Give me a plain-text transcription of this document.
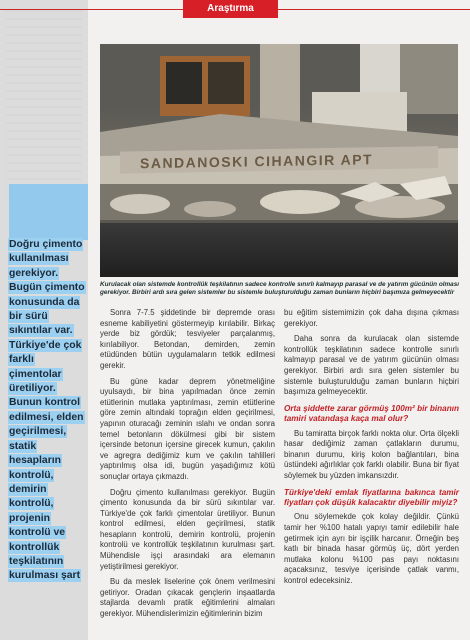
Araştırma
SANDANOSKI CIHANGIR APT
Kurulacak olan sistemde kontrollük teşkilatının sadece kontrolle sınırlı kalmayıp parasal ve de yatırım gücünün olması gerekiyor. Birbiri ardı sıra gelen sistemler bu sistemle buluşturulduğu zaman bunların hiçbiri başımıza gelmeyecektir
Doğru çimento kullanılması gerekiyor. Bugün çimento konusunda da bir sürü sıkıntılar var. Türkiye'de çok farklı çimentolar üretiliyor. Bunun kontrol edilmesi, elden geçirilmesi, statik hesapların kontrolü, demirin kontrolü, projenin kontrolü ve kontrollük teşkilatının kurulması şart

Sonra 7-7.5 şiddetinde bir depremde orası esneme kabiliyetini göstermeyip kırılabilir. Birkaç yerde biz gördük; tesviyeler parçalanmış, kırılabiliyor. Betondan, demirden, zemin etüdünden bütün uygulamaların tetkik edilmesi gerekir.

Bu güne kadar deprem yönetmeliğine uyulsaydı, bir bina yapılmadan önce zemin etütlerinin mutlaka yaptırılması, zemin etütlerine göre zemin altındaki toprağın elden geçirilmesi, yapının oturacağı zeminin ıslahı ve ondan sonra temel betonların dökülmesi gibi bir sistem içersinde betonun içersine girecek kumun, çakılın ve agregra dediğimiz kum ve çakılın tahlilleri yaptırılmış olsa idi, bugün yaşadığımız kötü sonuçlar ortaya çıkmazdı.

Doğru çimento kullanılması gerekiyor. Bugün çimento konusunda da bir sürü sıkıntılar var. Türkiye'de çok farklı çimentolar üretiliyor. Bunun kontrol edilmesi, elden geçirilmesi, statik hesapların kontrolü, demirin kontrolü, projenin kontrolü ve kontrollük teşkilatının kurulması şart. Mühendisle işçi arasındaki ara elemanın yetiştirilmesi gerekiyor.

Bu da meslek liselerine çok önem verilmesini getiriyor. Oradan çıkacak gençlerin inşaatlarda stajlarda devamlı pratik eğitimlerini almaları gerekiyor. Mühendislerimizin eğitimlerinin bizim

bu eğitim sistemimizin çok daha dışına çıkması gerekiyor.

Daha sonra da kurulacak olan sistemde kontrollük teşkilatının sadece kontrolle sınırlı kalmayıp parasal ve de yatırım gücünün olması gerekiyor. Birbiri ardı sıra gelen sistemler bu sistemle buluşturulduğu zaman bunların hiçbiri başımıza gelmeyecektir.

Orta şiddette zarar görmüş 100m² bir binanın tamiri vatandaşa kaça mal olur?

Bu tamiratta birçok farklı nokta olur. Orta ölçekli hasar dediğimiz zaman çatlakların durumu, binanın durumu, kiriş kolon bağlantıları, bina üstündeki ağırlıklar çok farklı olabilir. Buna bir fiyat söylemek bu yüzden imkansızdır.

Türkiye'deki emlak fiyatlarına bakınca tamir fiyatları çok düşük kalacaktır diyebilir miyiz?

Onu söylemekde çok kolay değildir. Çünkü tamir her %100 hatalı yapıyı tamir edilebilir hale getirmek için ayrı bir işçilik harcanır. Örneğin beş katlı bir binada hasar görmüş üç, dört yerden mutlaka kolonu %100 pas payı noktasını açacaksınız, tesviye içerisinde çatlak vanmı, kontrol edeceksiniz.
